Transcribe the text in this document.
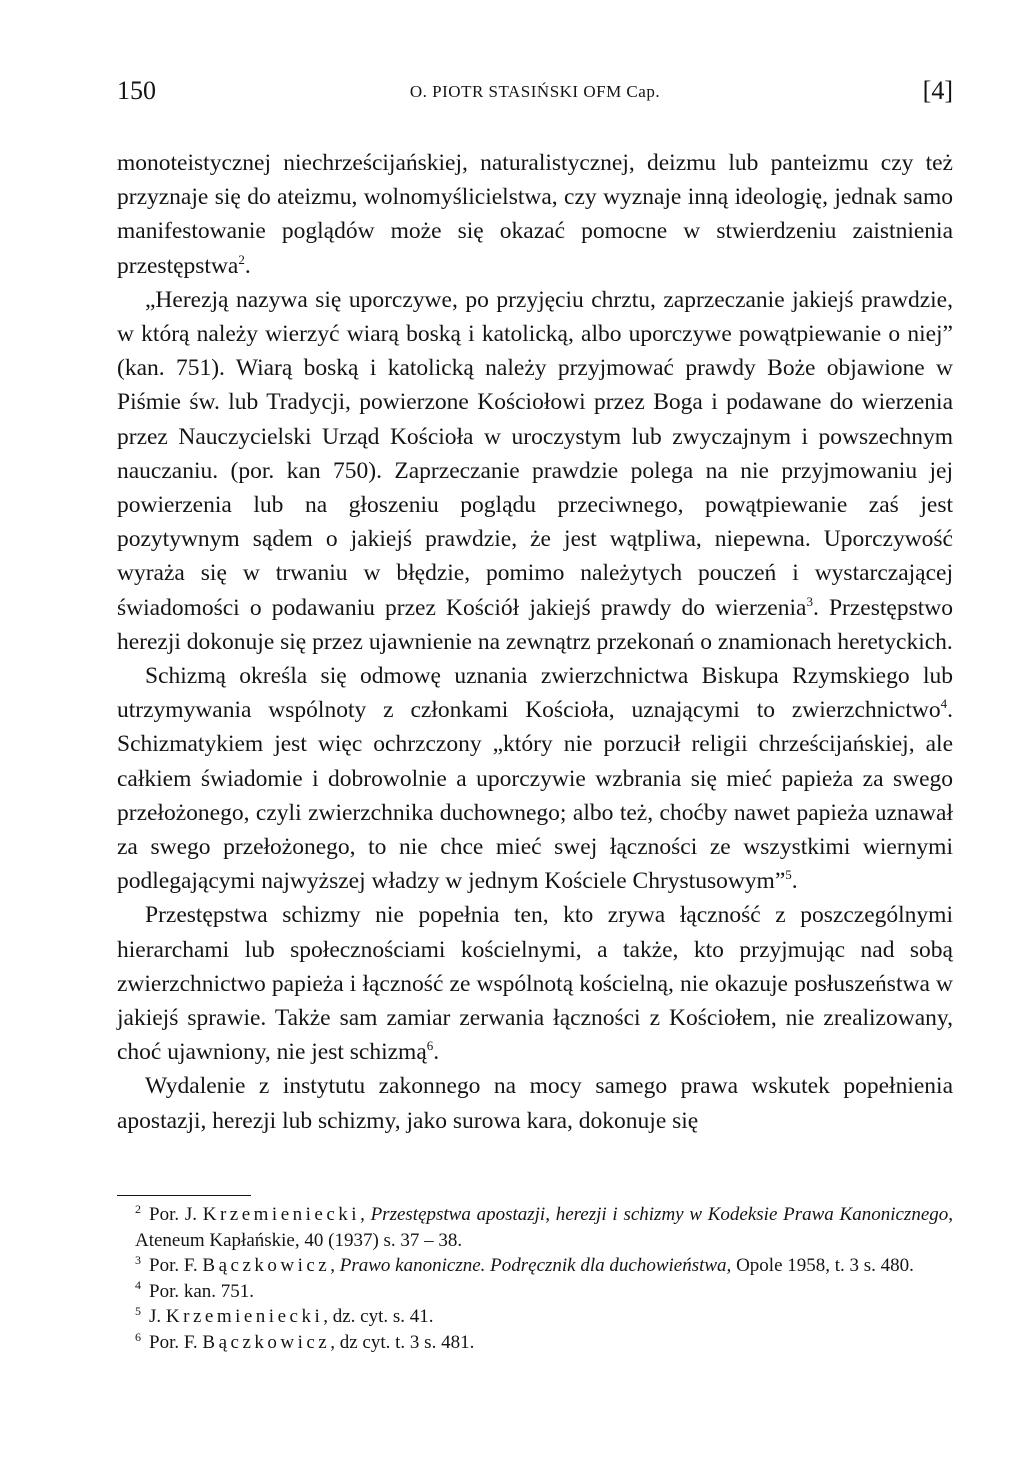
150	O. PIOTR STASIŃSKI OFM Cap.	[4]

monoteistycznej niechrześcijańskiej, naturalistycznej, deizmu lub panteizmu czy też przyznaje się do ateizmu, wolnomyślicielstwa, czy wyznaje inną ideologię, jednak samo manifestowanie poglądów może się okazać pomocne w stwierdzeniu zaistnienia przestępstwa$^2$.

„Herezją nazywa się uporczywe, po przyjęciu chrztu, zaprzeczanie jakiejś prawdzie, w którą należy wierzyć wiarą boską i katolicką, albo uporczywe powątpiewanie o niej” (kan. 751). Wiarą boską i katolicką należy przyjmować prawdy Boże objawione w Piśmie św. lub Tradycji, powierzone Kościołowi przez Boga i podawane do wierzenia przez Nauczycielski Urząd Kościoła w uroczystym lub zwyczajnym i powszechnym nauczaniu. (por. kan 750). Zaprzeczanie prawdzie polega na nie przyjmowaniu jej powierzenia lub na głoszeniu poglądu przeciwnego, powątpiewanie zaś jest pozytywnym sądem o jakiejś prawdzie, że jest wątpliwa, niepewna. Uporczywość wyraża się w trwaniu w błędzie, pomimo należytych pouczeń i wystarczającej świadomości o podawaniu przez Kościół jakiejś prawdy do wierzenia$^3$. Przestępstwo herezji dokonuje się przez ujawnienie na zewnątrz przekonań o znamionach heretyckich.

Schizmą określa się odmowę uznania zwierzchnictwa Biskupa Rzymskiego lub utrzymywania wspólnoty z członkami Kościoła, uznającymi to zwierzchnictwo$^4$. Schizmatykiem jest więc ochrzczony „który nie porzucił religii chrześcijańskiej, ale całkiem świadomie i dobrowolnie a uporczywie wzbrania się mieć papieża za swego przełożonego, czyli zwierzchnika duchownego; albo też, choćby nawet papieża uznawał za swego przełożonego, to nie chce mieć swej łączności ze wszystkimi wiernymi podlegającymi najwyższej władzy w jednym Kościele Chrystusowym”$^5$.

Przestępstwa schizmy nie popełnia ten, kto zrywa łączność z poszczególnymi hierarchami lub społecznościami kościelnymi, a także, kto przyjmując nad sobą zwierzchnictwo papieża i łączność ze wspólnotą kościelną, nie okazuje posłuszeństwa w jakiejś sprawie. Także sam zamiar zerwania łączności z Kościołem, nie zrealizowany, choć ujawniony, nie jest schizmą$^6$.

Wydalenie z instytutu zakonnego na mocy samego prawa wskutek popełnienia apostazji, herezji lub schizmy, jako surowa kara, dokonuje się

$^2$ Por. J. Krzemieniecki, Przestępstwa apostazji, herezji i schizmy w Kodeksie Prawa Kanonicznego, Ateneum Kapłańskie, 40 (1937) s. 37 – 38.
$^3$ Por. F. Bączkowicz, Prawo kanoniczne. Podręcznik dla duchowieństwa, Opole 1958, t. 3 s. 480.
$^4$ Por. kan. 751.
$^5$ J. Krzemieniecki, dz. cyt. s. 41.
$^6$ Por. F. Bączkowicz, dz cyt. t. 3 s. 481.
